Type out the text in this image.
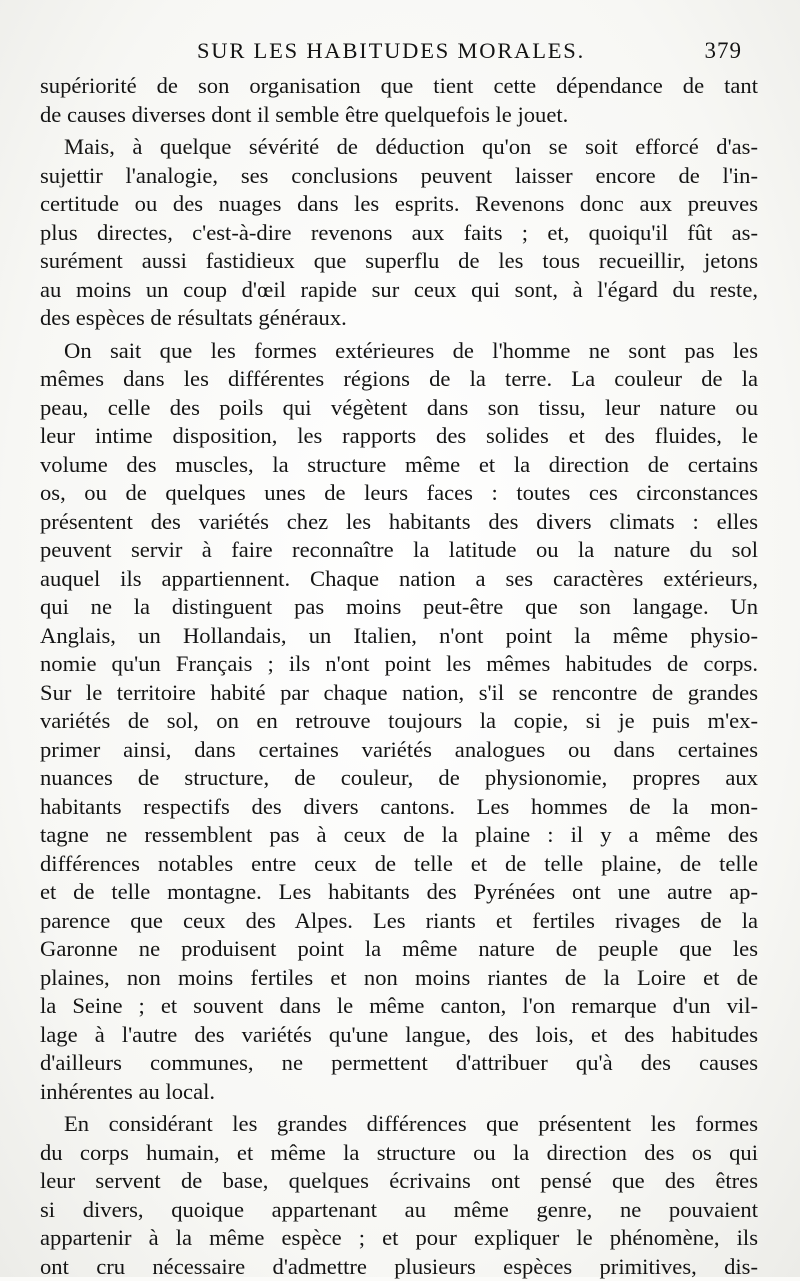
SUR LES HABITUDES MORALES.	379
supériorité de son organisation que tient cette dépendance de tant
de causes diverses dont il semble être quelquefois le jouet.
Mais, à quelque sévérité de déduction qu'on se soit efforcé d'as-
sujettir l'analogie, ses conclusions peuvent laisser encore de l'in-
certitude ou des nuages dans les esprits. Revenons donc aux preuves
plus directes, c'est-à-dire revenons aux faits ; et, quoiqu'il fût as-
surément aussi fastidieux que superflu de les tous recueillir, jetons
au moins un coup d'œil rapide sur ceux qui sont, à l'égard du reste,
des espèces de résultats généraux.
On sait que les formes extérieures de l'homme ne sont pas les
mêmes dans les différentes régions de la terre. La couleur de la
peau, celle des poils qui végètent dans son tissu, leur nature ou
leur intime disposition, les rapports des solides et des fluides, le
volume des muscles, la structure même et la direction de certains
os, ou de quelques unes de leurs faces : toutes ces circonstances
présentent des variétés chez les habitants des divers climats : elles
peuvent servir à faire reconnaître la latitude ou la nature du sol
auquel ils appartiennent. Chaque nation a ses caractères extérieurs,
qui ne la distinguent pas moins peut-être que son langage. Un
Anglais, un Hollandais, un Italien, n'ont point la même physio-
nomie qu'un Français ; ils n'ont point les mêmes habitudes de corps.
Sur le territoire habité par chaque nation, s'il se rencontre de grandes
variétés de sol, on en retrouve toujours la copie, si je puis m'ex-
primer ainsi, dans certaines variétés analogues ou dans certaines
nuances de structure, de couleur, de physionomie, propres aux
habitants respectifs des divers cantons. Les hommes de la mon-
tagne ne ressemblent pas à ceux de la plaine : il y a même des
différences notables entre ceux de telle et de telle plaine, de telle
et de telle montagne. Les habitants des Pyrénées ont une autre ap-
parence que ceux des Alpes. Les riants et fertiles rivages de la
Garonne ne produisent point la même nature de peuple que les
plaines, non moins fertiles et non moins riantes de la Loire et de
la Seine ; et souvent dans le même canton, l'on remarque d'un vil-
lage à l'autre des variétés qu'une langue, des lois, et des habitudes
d'ailleurs communes, ne permettent d'attribuer qu'à des causes
inhérentes au local.
En considérant les grandes différences que présentent les formes
du corps humain, et même la structure ou la direction des os qui
leur servent de base, quelques écrivains ont pensé que des êtres
si divers, quoique appartenant au même genre, ne pouvaient
appartenir à la même espèce ; et pour expliquer le phénomène, ils
ont cru nécessaire d'admettre plusieurs espèces primitives, dis-
